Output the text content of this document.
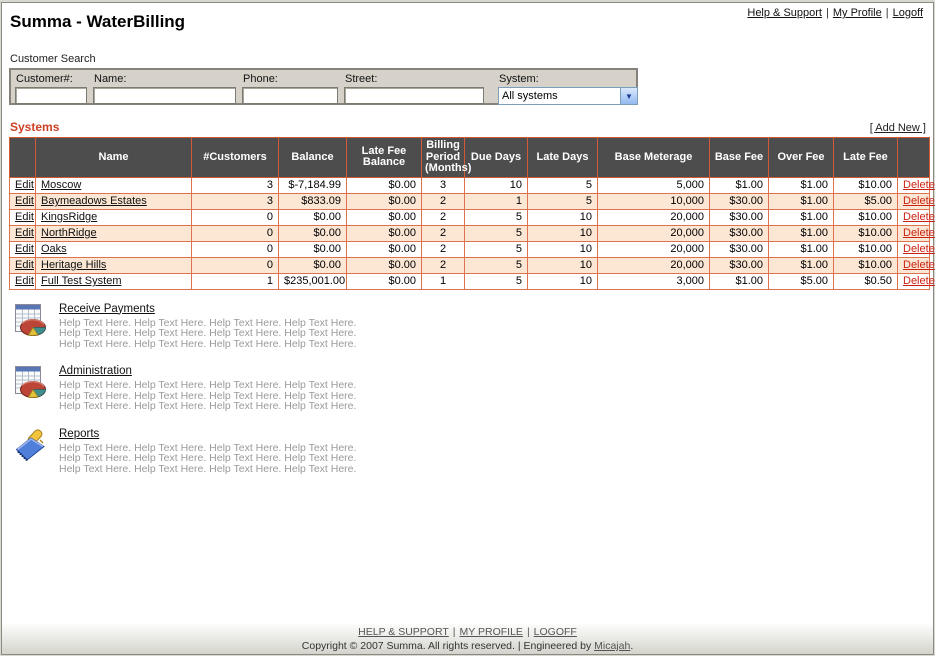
Help & Support | My Profile | Logoff
Summa - WaterBilling
Customer Search
Customer#:	Name:	Phone:	Street:	System:
All systems	▼
Systems	[ Add New ]
	Name	#Customers	Balance	Late Fee Balance	Billing Period (Months)	Due Days	Late Days	Base Meterage	Base Fee	Over Fee	Late Fee	
Edit	Moscow	3	$-7,184.99	$0.00	3	10	5	5,000	$1.00	$1.00	$10.00	Delete
Edit	Baymeadows Estates	3	$833.09	$0.00	2	1	5	10,000	$30.00	$1.00	$5.00	Delete
Edit	KingsRidge	0	$0.00	$0.00	2	5	10	20,000	$30.00	$1.00	$10.00	Delete
Edit	NorthRidge	0	$0.00	$0.00	2	5	10	20,000	$30.00	$1.00	$10.00	Delete
Edit	Oaks	0	$0.00	$0.00	2	5	10	20,000	$30.00	$1.00	$10.00	Delete
Edit	Heritage Hills	0	$0.00	$0.00	2	5	10	20,000	$30.00	$1.00	$10.00	Delete
Edit	Full Test System	1	$235,001.00	$0.00	1	5	10	3,000	$1.00	$5.00	$0.50	Delete
Receive Payments
Help Text Here. Help Text Here. Help Text Here. Help Text Here.
Help Text Here. Help Text Here. Help Text Here. Help Text Here.
Help Text Here. Help Text Here. Help Text Here. Help Text Here.
Administration
Help Text Here. Help Text Here. Help Text Here. Help Text Here.
Help Text Here. Help Text Here. Help Text Here. Help Text Here.
Help Text Here. Help Text Here. Help Text Here. Help Text Here.
Reports
Help Text Here. Help Text Here. Help Text Here. Help Text Here.
Help Text Here. Help Text Here. Help Text Here. Help Text Here.
Help Text Here. Help Text Here. Help Text Here. Help Text Here.
HELP & SUPPORT | MY PROFILE | LOGOFF
Copyright © 2007 Summa. All rights reserved. | Engineered by Micajah.
